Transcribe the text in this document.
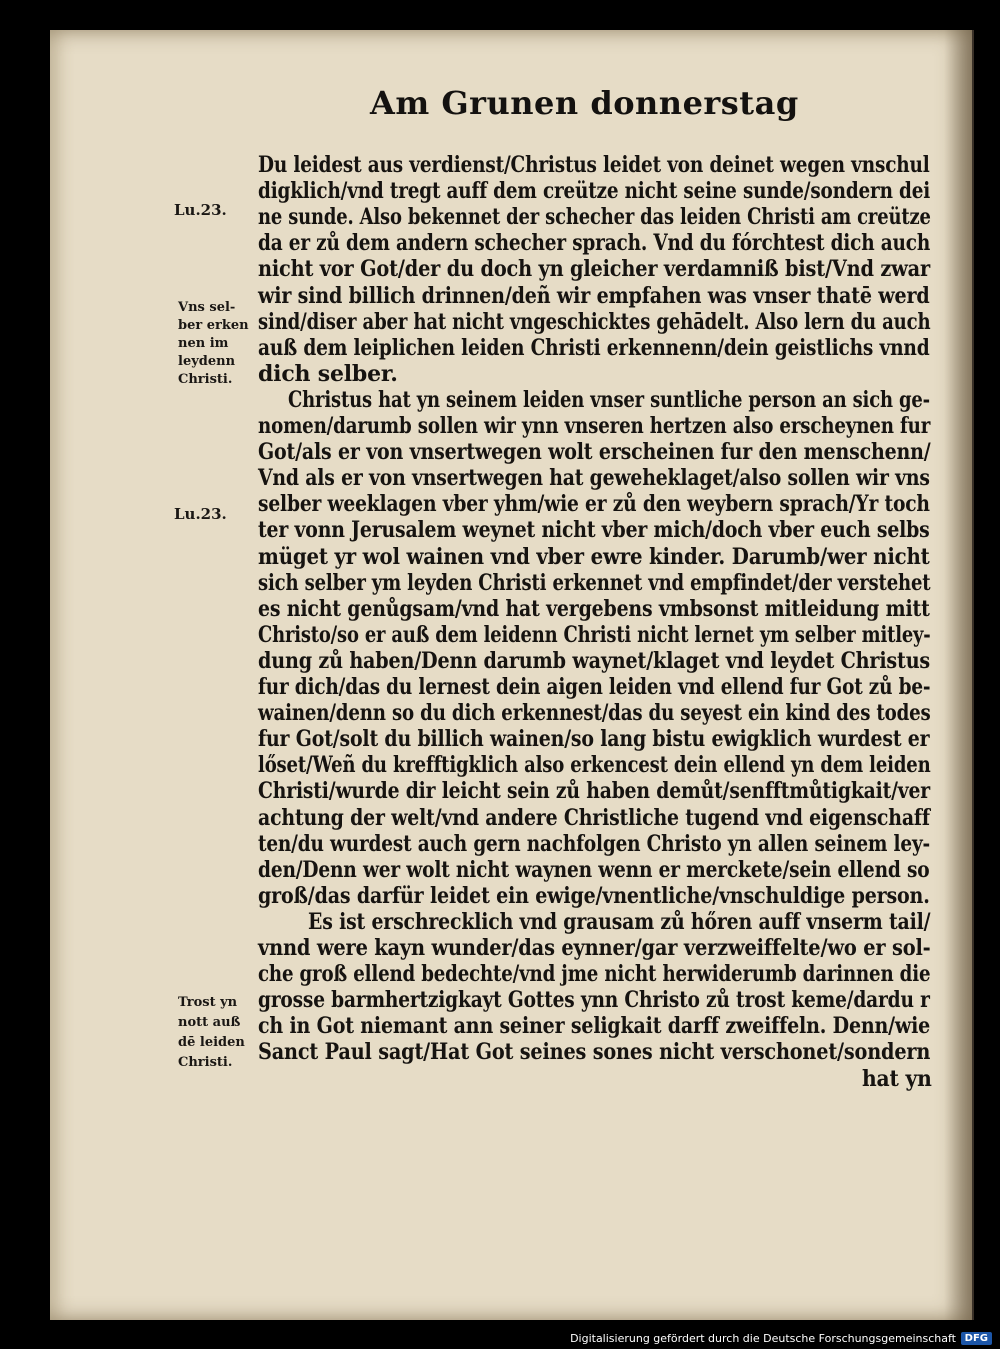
Am Grunen donnerstag
Lu.23.
Vns sel-
ber erken
nen im
leydenn
Christi.
Lu.23.
Trost yn
nott auß
dē leiden
Christi.
Du leidest aus verdienst/Christus leidet von deinet wegen vnschul
digklich/vnd tregt auff dem creütze nicht seine sunde/sondern dei
ne sunde. Also bekennet der schecher das leiden Christi am creütze
da er zů dem andern schecher sprach. Vnd du fórchtest dich auch
nicht vor Got/der du doch yn gleicher verdamniß bist/Vnd zwar
wir sind billich drinnen/deñ wir empfahen was vnser thatē werd
sind/diser aber hat nicht vngeschicktes gehādelt. Also lern du auch
auß dem leiplichen leiden Christi erkennenn/dein geistlichs vnnd
dich selber.
Christus hat yn seinem leiden vnser suntliche person an sich ge-
nomen/darumb sollen wir ynn vnseren hertzen also erscheynen fur
Got/als er von vnsertwegen wolt erscheinen fur den menschenn/
Vnd als er von vnsertwegen hat geweheklaget/also sollen wir vns
selber weeklagen vber yhm/wie er zů den weybern sprach/Yr toch
ter vonn Jerusalem weynet nicht vber mich/doch vber euch selbs
müget yr wol wainen vnd vber ewre kinder. Darumb/wer nicht
sich selber ym leyden Christi erkennet vnd empfindet/der verstehet
es nicht genůgsam/vnd hat vergebens vmbsonst mitleidung mitt
Christo/so er auß dem leidenn Christi nicht lernet ym selber mitley-
dung zů haben/Denn darumb waynet/klaget vnd leydet Christus
fur dich/das du lernest dein aigen leiden vnd ellend fur Got zů be-
wainen/denn so du dich erkennest/das du seyest ein kind des todes
fur Got/solt du billich wainen/so lang bistu ewigklich wurdest er
lőset/Weñ du krefftigklich also erkencest dein ellend yn dem leiden
Christi/wurde dir leicht sein zů haben demůt/senfftmůtigkait/ver
achtung der welt/vnd andere Christliche tugend vnd eigenschaff
ten/du wurdest auch gern nachfolgen Christo yn allen seinem ley-
den/Denn wer wolt nicht waynen wenn er merckete/sein ellend so
groß/das darfür leidet ein ewige/vnentliche/vnschuldige person.
Es ist erschrecklich vnd grausam zů hőren auff vnserm tail/
vnnd were kayn wunder/das eynner/gar verzweiffelte/wo er sol-
che groß ellend bedechte/vnd jme nicht herwiderumb darinnen die
grosse barmhertzigkayt Gottes ynn Christo zů trost keme/dardu r
ch in Got niemant ann seiner seligkait darff zweiffeln. Denn/wie
Sanct Paul sagt/Hat Got seines sones nicht verschonet/sondern
hat yn
Digitalisierung gefördert durch die Deutsche Forschungsgemeinschaft DFG
